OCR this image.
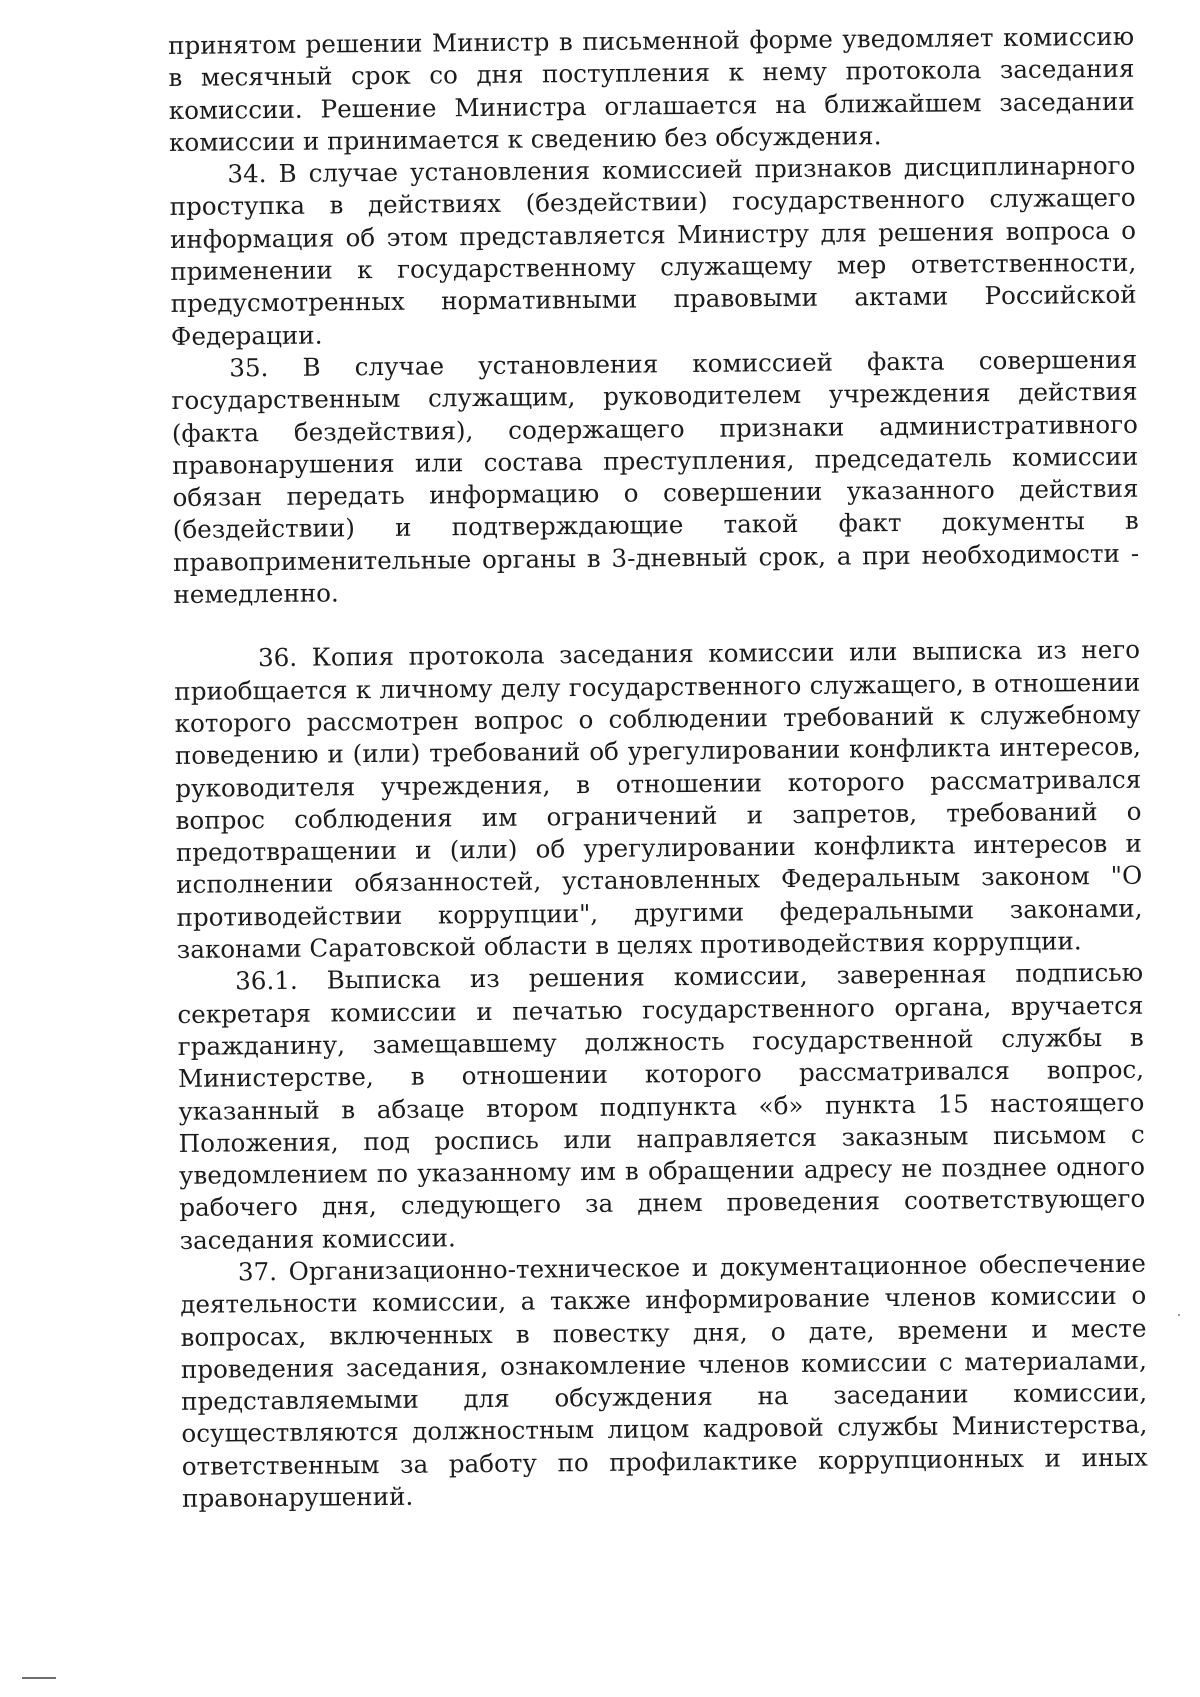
принятом решении Министр в письменной форме уведомляет комиссию в месячный срок со дня поступления к нему протокола заседания комиссии. Решение Министра оглашается на ближайшем заседании комиссии и принимается к сведению без обсуждения.

34. В случае установления комиссией признаков дисциплинарного проступка в действиях (бездействии) государственного служащего информация об этом представляется Министру для решения вопроса о применении к государственному служащему мер ответственности, предусмотренных нормативными правовыми актами Российской Федерации.

35. В случае установления комиссией факта совершения государственным служащим, руководителем учреждения действия (факта бездействия), содержащего признаки административного правонарушения или состава преступления, председатель комиссии обязан передать информацию о совершении указанного действия (бездействии) и подтверждающие такой факт документы в правоприменительные органы в 3-дневный срок, а при необходимости - немедленно.

36. Копия протокола заседания комиссии или выписка из него приобщается к личному делу государственного служащего, в отношении которого рассмотрен вопрос о соблюдении требований к служебному поведению и (или) требований об урегулировании конфликта интересов, руководителя учреждения, в отношении которого рассматривался вопрос соблюдения им ограничений и запретов, требований о предотвращении и (или) об урегулировании конфликта интересов и исполнении обязанностей, установленных Федеральным законом "О противодействии коррупции", другими федеральными законами, законами Саратовской области в целях противодействия коррупции.

36.1. Выписка из решения комиссии, заверенная подписью секретаря комиссии и печатью государственного органа, вручается гражданину, замещавшему должность государственной службы в Министерстве, в отношении которого рассматривался вопрос, указанный в абзаце втором подпункта «б» пункта 15 настоящего Положения, под роспись или направляется заказным письмом с уведомлением по указанному им в обращении адресу не позднее одного рабочего дня, следующего за днем проведения соответствующего заседания комиссии.

37. Организационно-техническое и документационное обеспечение деятельности комиссии, а также информирование членов комиссии о вопросах, включенных в повестку дня, о дате, времени и месте проведения заседания, ознакомление членов комиссии с материалами, представляемыми для обсуждения на заседании комиссии, осуществляются должностным лицом кадровой службы Министерства, ответственным за работу по профилактике коррупционных и иных правонарушений.
